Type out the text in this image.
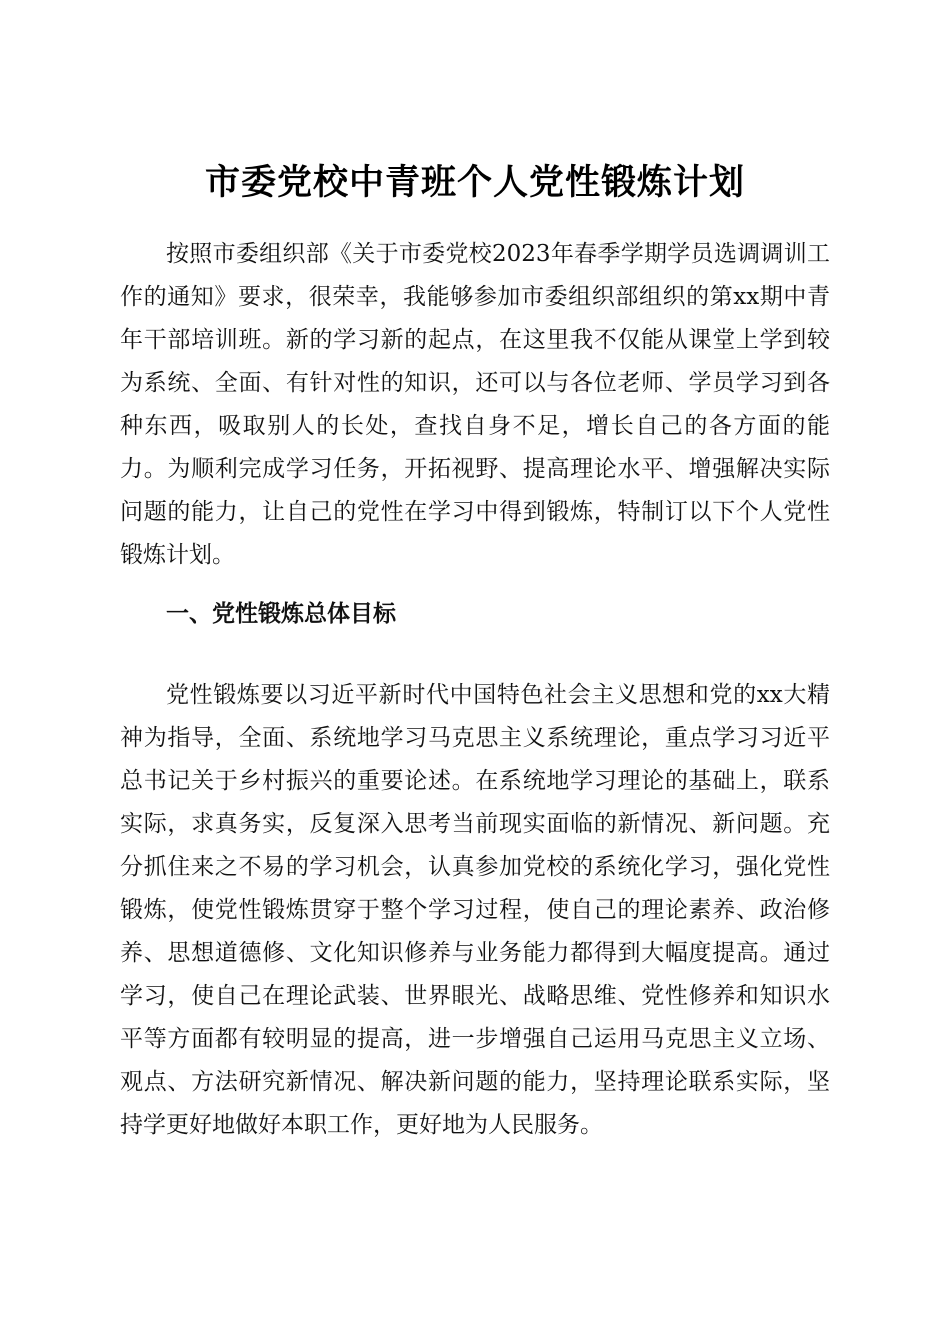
市委党校中青班个人党性锻炼计划

按照市委组织部《关于市委党校2023年春季学期学员选调调训工作的通知》要求，很荣幸，我能够参加市委组织部组织的第xx期中青年干部培训班。新的学习新的起点，在这里我不仅能从课堂上学到较为系统、全面、有针对性的知识，还可以与各位老师、学员学习到各种东西，吸取别人的长处，查找自身不足，增长自己的各方面的能力。为顺利完成学习任务，开拓视野、提高理论水平、增强解决实际问题的能力，让自己的党性在学习中得到锻炼，特制订以下个人党性锻炼计划。

一、党性锻炼总体目标

党性锻炼要以习近平新时代中国特色社会主义思想和党的xx大精神为指导，全面、系统地学习马克思主义系统理论，重点学习习近平总书记关于乡村振兴的重要论述。在系统地学习理论的基础上，联系实际，求真务实，反复深入思考当前现实面临的新情况、新问题。充分抓住来之不易的学习机会，认真参加党校的系统化学习，强化党性锻炼，使党性锻炼贯穿于整个学习过程，使自己的理论素养、政治修养、思想道德修、文化知识修养与业务能力都得到大幅度提高。通过学习，使自己在理论武装、世界眼光、战略思维、党性修养和知识水平等方面都有较明显的提高，进一步增强自己运用马克思主义立场、观点、方法研究新情况、解决新问题的能力，坚持理论联系实际，坚持学更好地做好本职工作，更好地为人民服务。
